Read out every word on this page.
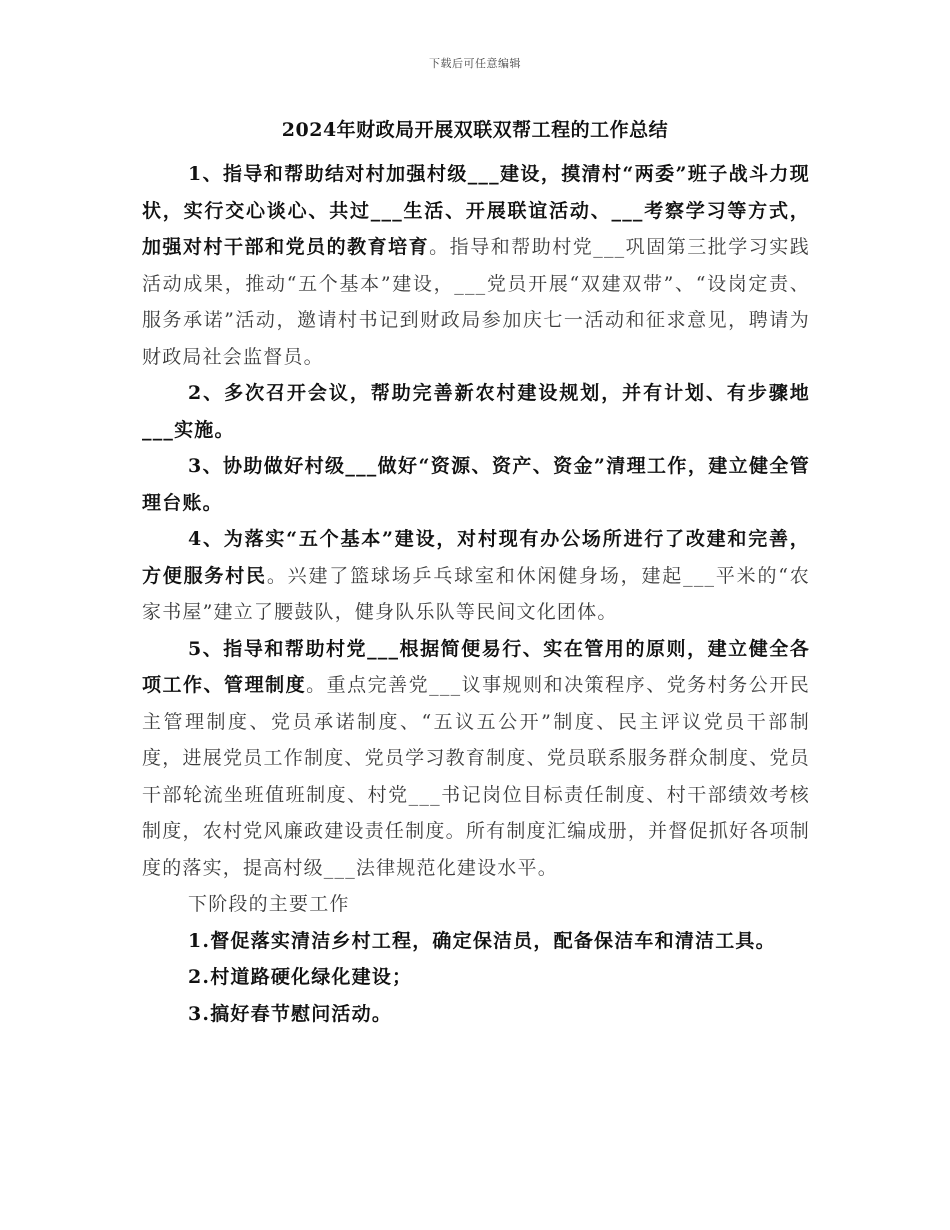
下载后可任意编辑
2024年财政局开展双联双帮工程的工作总结

1、指导和帮助结对村加强村级___建设，摸清村“两委”班子战斗力现状，实行交心谈心、共过___生活、开展联谊活动、___考察学习等方式，加强对村干部和党员的教育培育。指导和帮助村党___巩固第三批学习实践活动成果，推动“五个基本”建设，___党员开展“双建双带”、“设岗定责、服务承诺”活动，邀请村书记到财政局参加庆七一活动和征求意见，聘请为财政局社会监督员。

2、多次召开会议，帮助完善新农村建设规划，并有计划、有步骤地___实施。

3、协助做好村级___做好“资源、资产、资金”清理工作，建立健全管理台账。

4、为落实“五个基本”建设，对村现有办公场所进行了改建和完善，方便服务村民。兴建了篮球场乒乓球室和休闲健身场，建起___平米的“农家书屋”建立了腰鼓队，健身队乐队等民间文化团体。

5、指导和帮助村党___根据简便易行、实在管用的原则，建立健全各项工作、管理制度。重点完善党___议事规则和决策程序、党务村务公开民主管理制度、党员承诺制度、“五议五公开”制度、民主评议党员干部制度，进展党员工作制度、党员学习教育制度、党员联系服务群众制度、党员干部轮流坐班值班制度、村党___书记岗位目标责任制度、村干部绩效考核制度，农村党风廉政建设责任制度。所有制度汇编成册，并督促抓好各项制度的落实，提高村级___法律规范化建设水平。

下阶段的主要工作

1.督促落实清洁乡村工程，确定保洁员，配备保洁车和清洁工具。

2.村道路硬化绿化建设；

3.搞好春节慰问活动。
